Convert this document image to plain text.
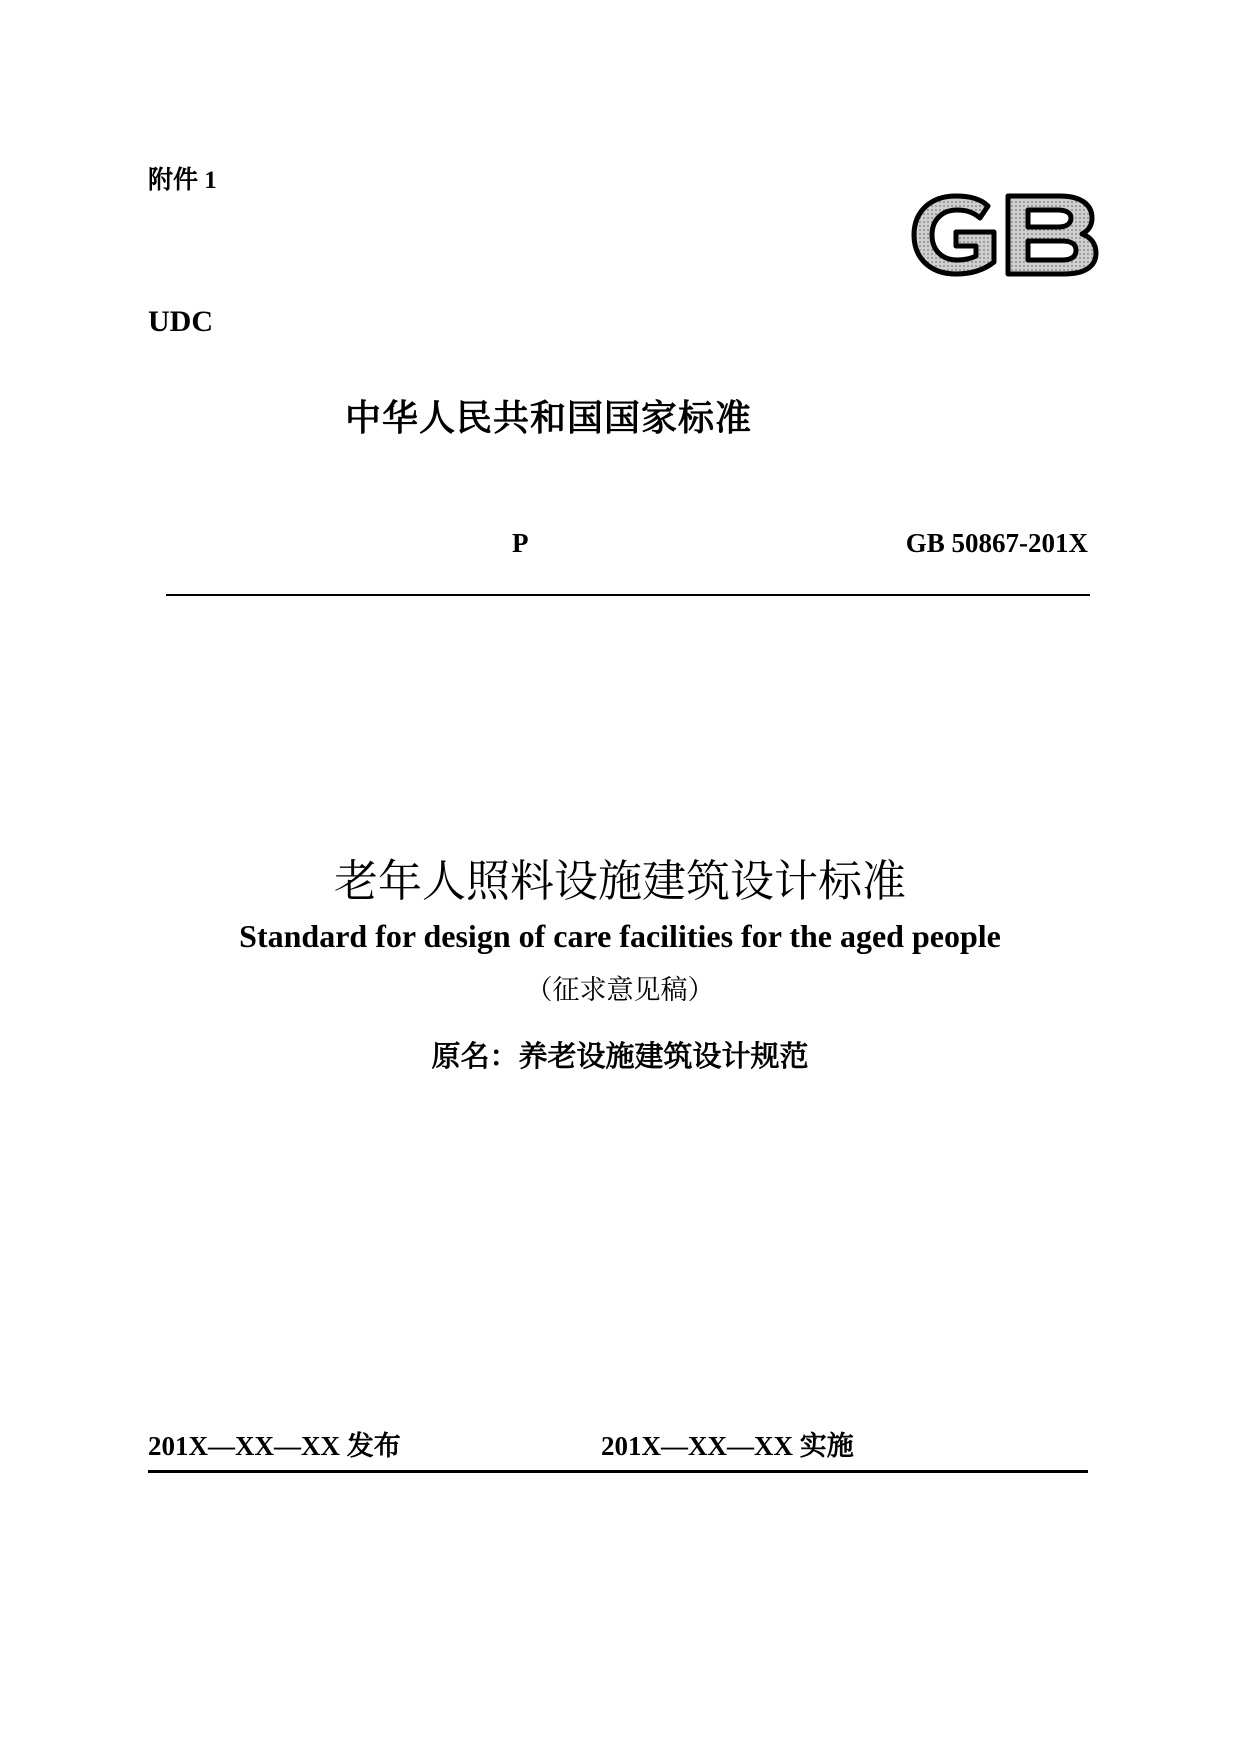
附件 1
UDC
中华人民共和国国家标准
P	GB 50867-201X
老年人照料设施建筑设计标准
Standard for design of care facilities for the aged people
（征求意见稿）
原名：养老设施建筑设计规范
201X—XX—XX 发布	201X—XX—XX 实施
